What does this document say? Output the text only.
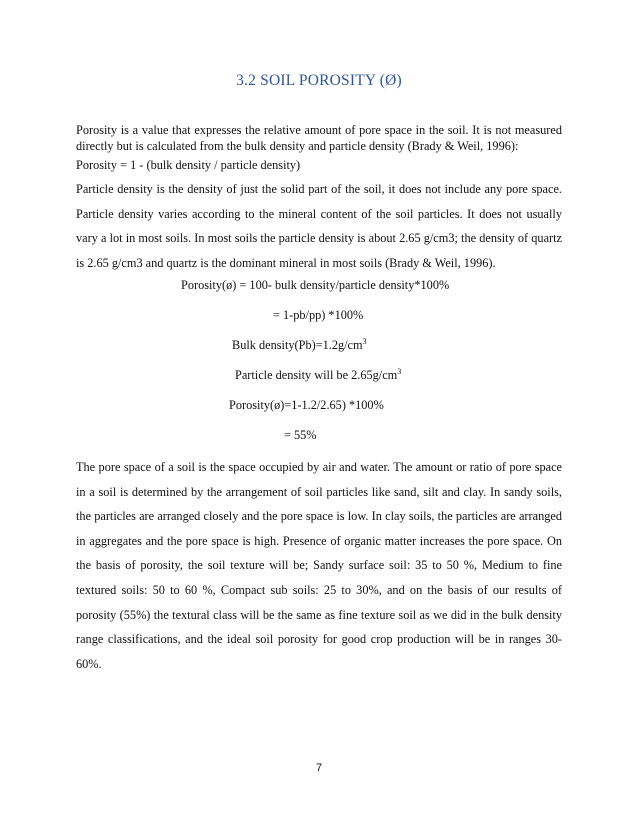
3.2 SOIL POROSITY (Ø)
Porosity is a value that expresses the relative amount of pore space in the soil. It is not measured directly but is calculated from the bulk density and particle density (Brady & Weil, 1996):
Porosity = 1 - (bulk density / particle density)
Particle density is the density of just the solid part of the soil, it does not include any pore space. Particle density varies according to the mineral content of the soil particles. It does not usually vary a lot in most soils. In most soils the particle density is about 2.65 g/cm3; the density of quartz is 2.65 g/cm3 and quartz is the dominant mineral in most soils (Brady & Weil, 1996).
Porosity(ø) = 100- bulk density/particle density*100%
= 1-pb/pp) *100%
Bulk $density(Pb)=1.2g/cm^3$
Particle density will be $2.65g/cm^3$
Porosity(ø)=1-1.2/2.65) *100%
= 55%
The pore space of a soil is the space occupied by air and water. The amount or ratio of pore space in a soil is determined by the arrangement of soil particles like sand, silt and clay. In sandy soils, the particles are arranged closely and the pore space is low. In clay soils, the particles are arranged in aggregates and the pore space is high. Presence of organic matter increases the pore space. On the basis of porosity, the soil texture will be; Sandy surface soil: 35 to 50 %, Medium to fine textured soils: 50 to 60 %, Compact sub soils: 25 to 30%, and on the basis of our results of porosity (55%) the textural class will be the same as fine texture soil as we did in the bulk density range classifications, and the ideal soil porosity for good crop production will be in ranges 30-60%.
7
